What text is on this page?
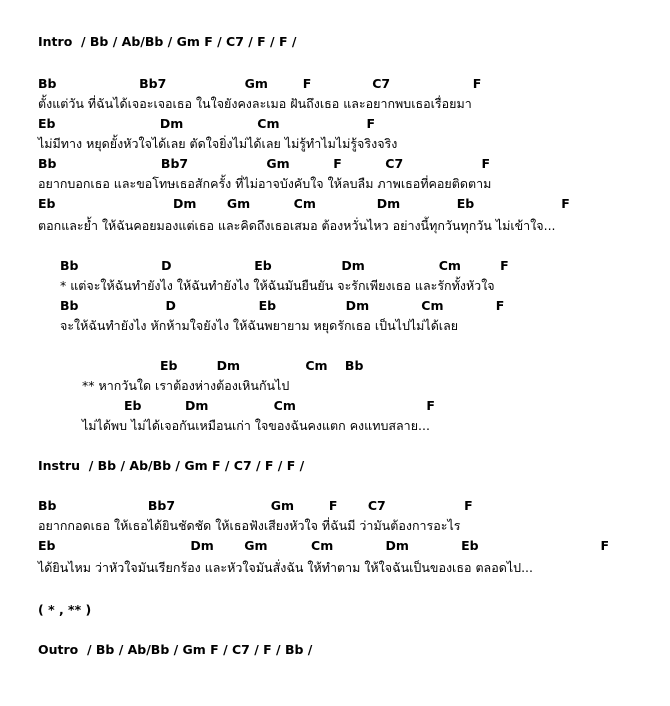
Intro  / Bb / Ab/Bb / Gm F / C7 / F / F /
Bb                   Bb7                  Gm        F              C7                   F
ตั้งแต่วัน ที่ฉันได้เจอะเจอเธอ ในใจยังคงละเมอ ฝันถึงเธอ และอยากพบเธอเรื่อยมา
Eb                        Dm                 Cm                    F
ไม่มีทาง หยุดยั้งหัวใจได้เลย ตัดใจยิ่งไม่ได้เลย ไม่รู้ทำไมไม่รู้จริงจริง
Bb                        Bb7                  Gm          F          C7                  F
อยากบอกเธอ และขอโทษเธอสักครั้ง ที่ไม่อาจบังคับใจ ให้ลบลืม ภาพเธอที่คอยติดตาม
Eb                           Dm       Gm          Cm              Dm             Eb                    F
ตอกและย้ำ ให้ฉันคอยมองแต่เธอ และคิดถึงเธอเสมอ ต้องหวั่นไหว อย่างนี้ทุกวันทุกวัน ไม่เข้าใจ...
Bb                   D                   Eb                Dm                 Cm         F
* แต่จะให้ฉันทำยังไง ให้ฉันทำยังไง ให้ฉันมันยืนยัน จะรักเพียงเธอ และรักทั้งหัวใจ
Bb                    D                   Eb                Dm            Cm            F
จะให้ฉันทำยังไง หักห้ามใจยังไง ให้ฉันพยายาม หยุดรักเธอ เป็นไปไม่ได้เลย
Eb         Dm               Cm    Bb
** หากวันใด เราต้องห่างต้องเหินกันไป
Eb          Dm               Cm                              F
ไม่ได้พบ ไม่ได้เจอกันเหมือนเก่า ใจของฉันคงแตก คงแทบสลาย...
Instru  / Bb / Ab/Bb / Gm F / C7 / F / F /
Bb                     Bb7                      Gm        F       C7                  F
อยากกอดเธอ ให้เธอได้ยินชัดชัด ให้เธอฟังเสียงหัวใจ ที่ฉันมี ว่ามันต้องการอะไร
Eb                               Dm       Gm          Cm            Dm            Eb                            F
ได้ยินไหม ว่าหัวใจมันเรียกร้อง และหัวใจมันสั่งฉัน ให้ทำตาม ให้ใจฉันเป็นของเธอ ตลอดไป...
( * , ** )
Outro  / Bb / Ab/Bb / Gm F / C7 / F / Bb /
